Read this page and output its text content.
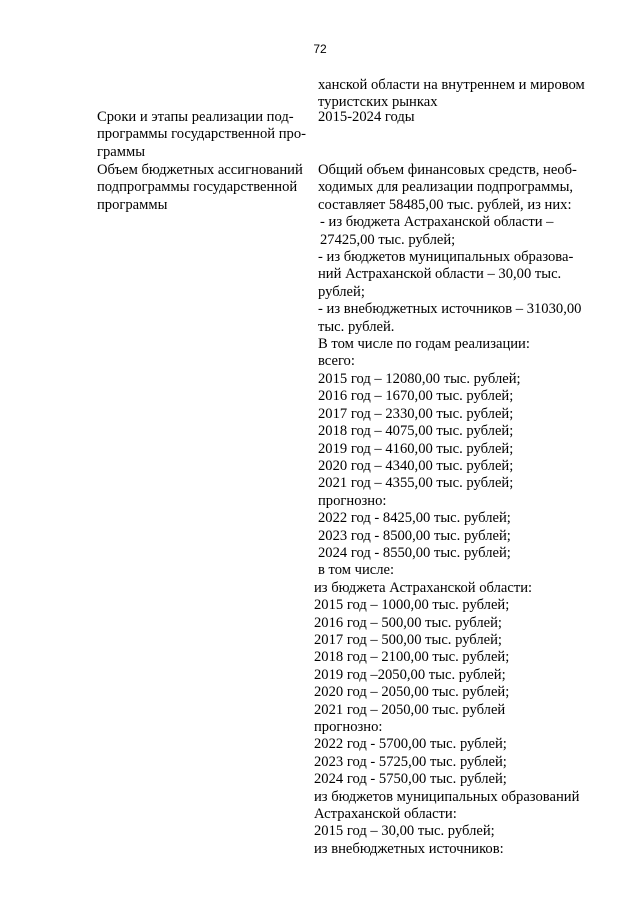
72
Сроки и этапы реализации под-
программы государственной про-
граммы
Объем бюджетных ассигнований
подпрограммы государственной
программы
ханской области на внутреннем и мировом
туристских рынках
2015-2024 годы
Общий объем финансовых средств, необ-
ходимых для реализации подпрограммы,
составляет 58485,00 тыс. рублей, из них:
- из бюджета Астраханской области –
27425,00 тыс. рублей;
- из бюджетов муниципальных образова-
ний Астраханской области – 30,00 тыс.
рублей;
- из внебюджетных источников – 31030,00
тыс. рублей.
В том числе по годам реализации:
всего:
2015 год – 12080,00 тыс. рублей;
2016 год – 1670,00 тыс. рублей;
2017 год – 2330,00 тыс. рублей;
2018 год – 4075,00 тыс. рублей;
2019 год – 4160,00 тыс. рублей;
2020 год – 4340,00 тыс. рублей;
2021 год – 4355,00 тыс. рублей;
прогнозно:
2022 год - 8425,00 тыс. рублей;
2023 год - 8500,00 тыс. рублей;
2024 год - 8550,00 тыс. рублей;
в том числе:
из бюджета Астраханской области:
2015 год – 1000,00 тыс. рублей;
2016 год – 500,00 тыс. рублей;
2017 год – 500,00 тыс. рублей;
2018 год – 2100,00 тыс. рублей;
2019 год –2050,00 тыс. рублей;
2020 год – 2050,00 тыс. рублей;
2021 год – 2050,00 тыс. рублей
прогнозно:
2022 год - 5700,00 тыс. рублей;
2023 год - 5725,00 тыс. рублей;
2024 год - 5750,00 тыс. рублей;
из бюджетов муниципальных образований
Астраханской области:
2015 год – 30,00 тыс. рублей;
из внебюджетных источников:
